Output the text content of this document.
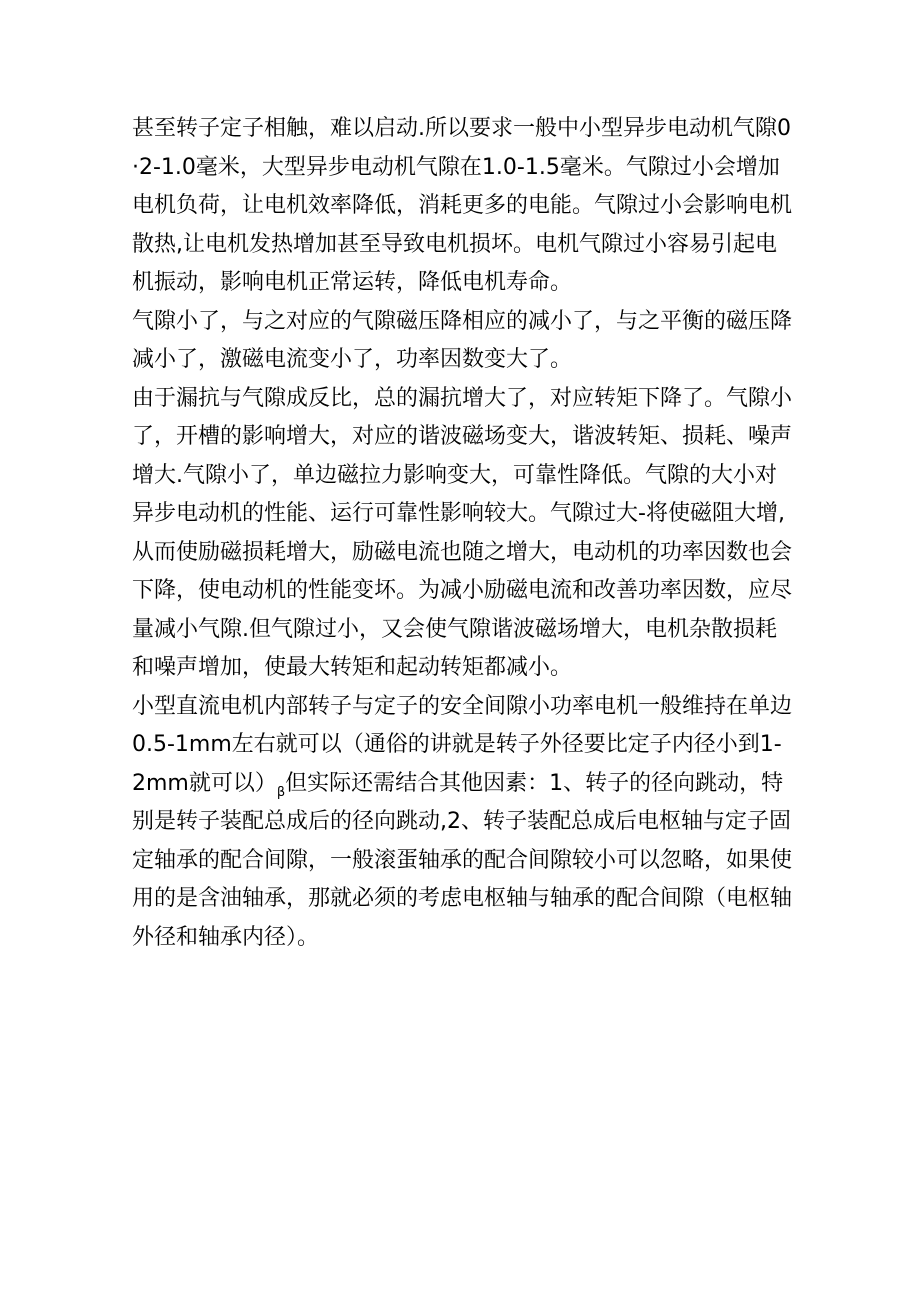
甚至转子定子相触，难以启动.所以要求一般中小型异步电动机气隙0·2-1.0毫米，大型异步电动机气隙在1.0-1.5毫米。气隙过小会增加电机负荷，让电机效率降低，消耗更多的电能。气隙过小会影响电机散热,让电机发热增加甚至导致电机损坏。电机气隙过小容易引起电机振动，影响电机正常运转，降低电机寿命。

气隙小了，与之对应的气隙磁压降相应的减小了，与之平衡的磁压降减小了，激磁电流变小了，功率因数变大了。

由于漏抗与气隙成反比，总的漏抗增大了，对应转矩下降了。气隙小了，开槽的影响增大，对应的谐波磁场变大，谐波转矩、损耗、噪声增大.气隙小了，单边磁拉力影响变大，可靠性降低。气隙的大小对异步电动机的性能、运行可靠性影响较大。气隙过大-将使磁阻大增,从而使励磁损耗增大，励磁电流也随之增大，电动机的功率因数也会下降，使电动机的性能变坏。为减小励磁电流和改善功率因数，应尽量减小气隙.但气隙过小，又会使气隙谐波磁场增大，电机杂散损耗和噪声增加，使最大转矩和起动转矩都减小。

小型直流电机内部转子与定子的安全间隙小功率电机一般维持在单边0.5-1mm左右就可以（通俗的讲就是转子外径要比定子内径小到1-2mm就可以）$_\beta$但实际还需结合其他因素：1、转子的径向跳动，特别是转子装配总成后的径向跳动,2、转子装配总成后电枢轴与定子固定轴承的配合间隙，一般滚蛋轴承的配合间隙较小可以忽略，如果使用的是含油轴承，那就必须的考虑电枢轴与轴承的配合间隙（电枢轴外径和轴承内径）。
